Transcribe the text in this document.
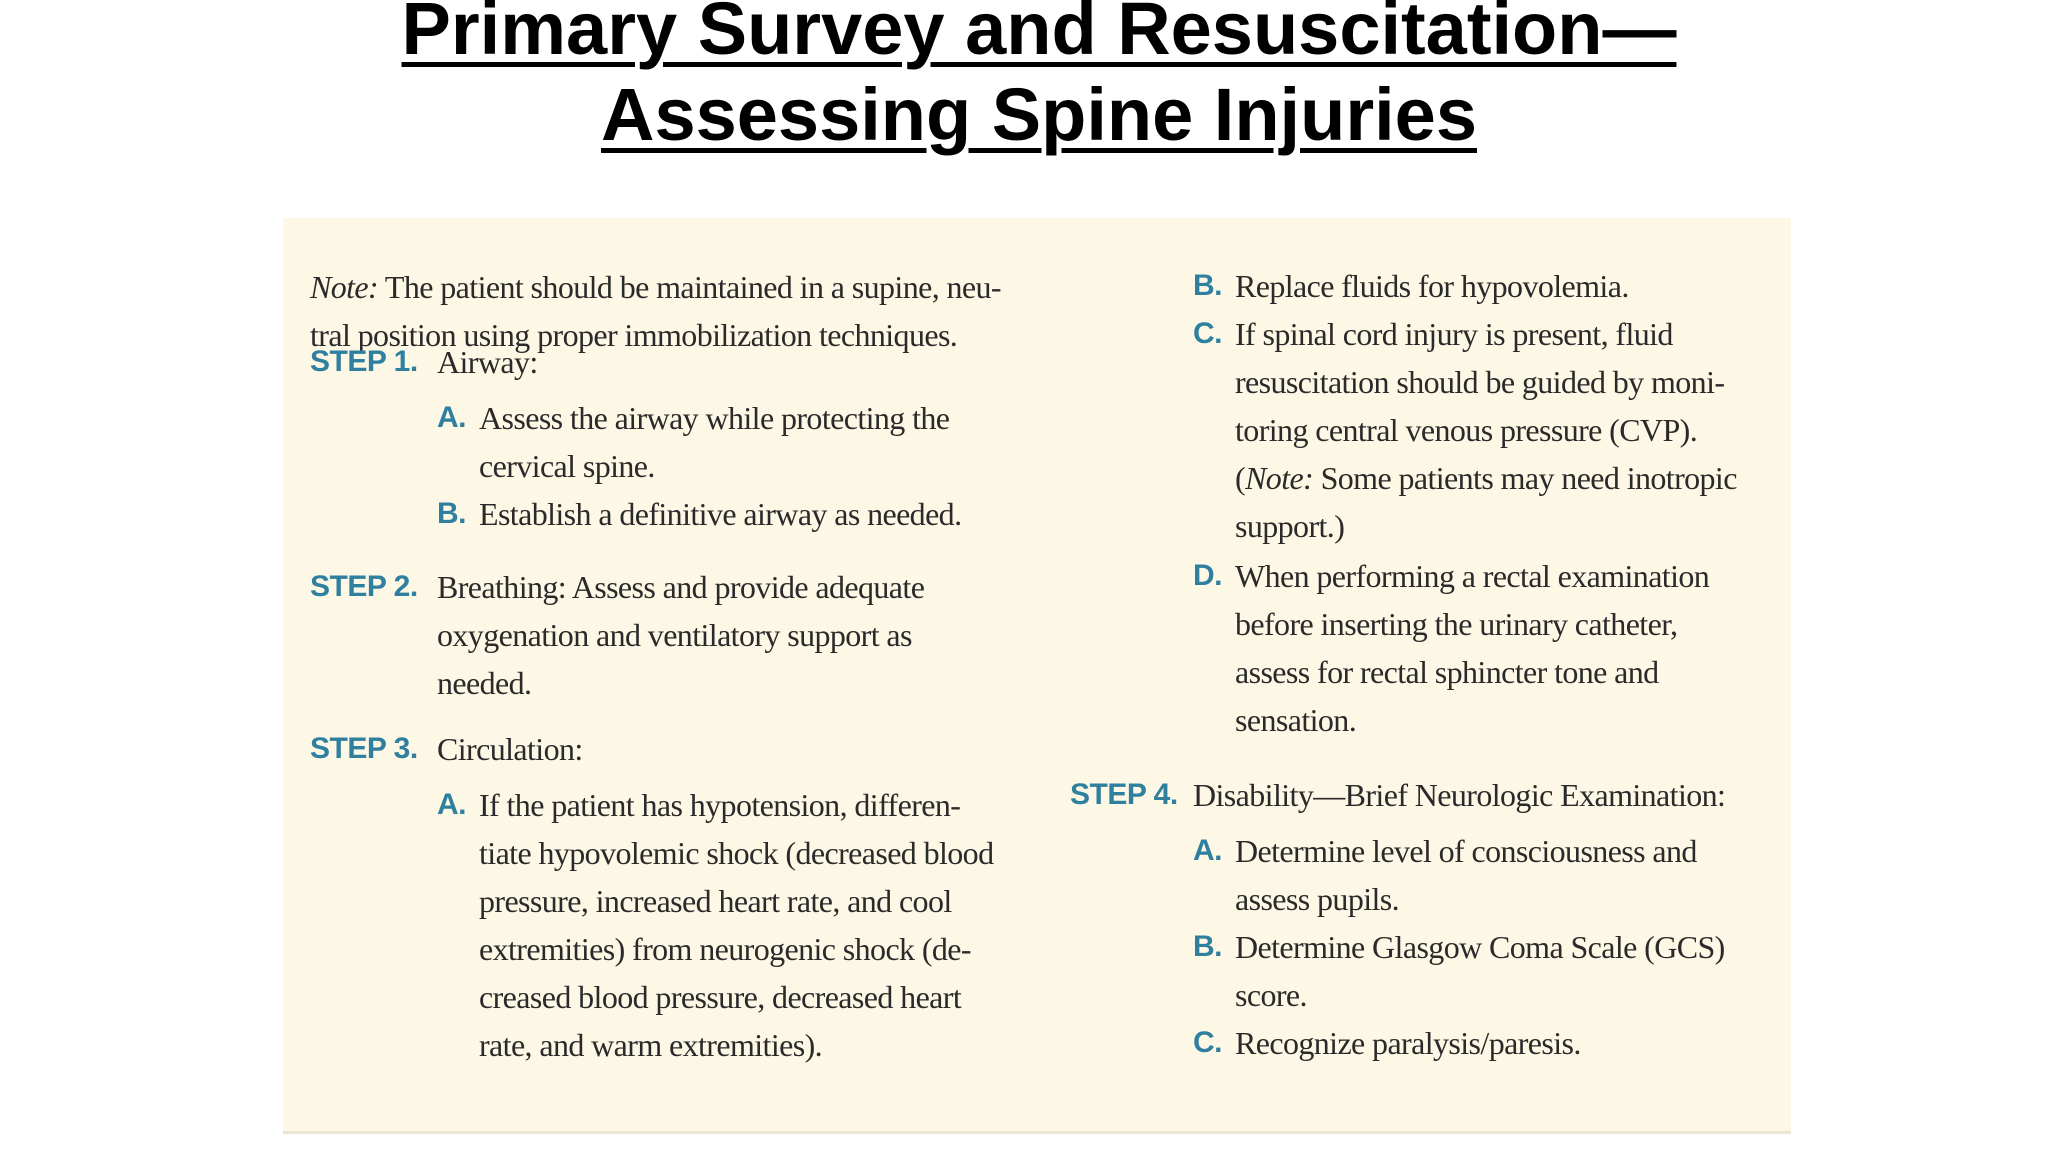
Primary Survey and Resuscitation—
Assessing Spine Injuries
Note: The patient should be maintained in a supine, neu-
tral position using proper immobilization techniques.
STEP 1. Airway:
A. Assess the airway while protecting the
cervical spine.
B. Establish a definitive airway as needed.
STEP 2. Breathing: Assess and provide adequate
oxygenation and ventilatory support as
needed.
STEP 3. Circulation:
A. If the patient has hypotension, differen-
tiate hypovolemic shock (decreased blood
pressure, increased heart rate, and cool
extremities) from neurogenic shock (de-
creased blood pressure, decreased heart
rate, and warm extremities).
B. Replace fluids for hypovolemia.
C. If spinal cord injury is present, fluid
resuscitation should be guided by moni-
toring central venous pressure (CVP).
(Note: Some patients may need inotropic
support.)
D. When performing a rectal examination
before inserting the urinary catheter,
assess for rectal sphincter tone and
sensation.
STEP 4. Disability—Brief Neurologic Examination:
A. Determine level of consciousness and
assess pupils.
B. Determine Glasgow Coma Scale (GCS)
score.
C. Recognize paralysis/paresis.
